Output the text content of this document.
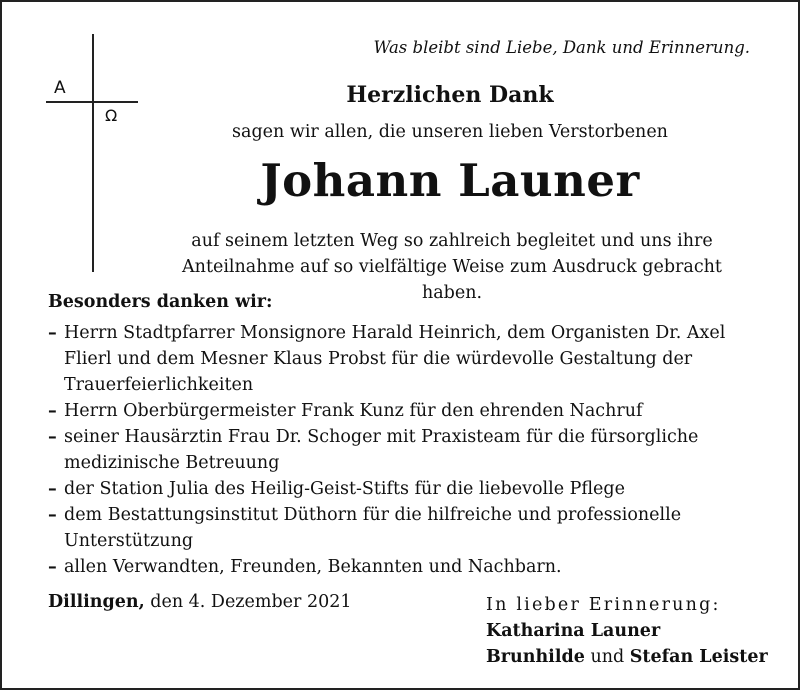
Was bleibt sind Liebe, Dank und Erinnerung.
A
Ω
Herzlichen Dank
sagen wir allen, die unseren lieben Verstorbenen
Johann Launer
auf seinem letzten Weg so zahlreich begleitet und uns ihre
Anteilnahme auf so vielfältige Weise zum Ausdruck gebracht haben.
Besonders danken wir:
– Herrn Stadtpfarrer Monsignore Harald Heinrich, dem Organisten Dr. Axel
Flierl und dem Mesner Klaus Probst für die würdevolle Gestaltung der
Trauerfeierlichkeiten
– Herrn Oberbürgermeister Frank Kunz für den ehrenden Nachruf
– seiner Hausärztin Frau Dr. Schoger mit Praxisteam für die fürsorgliche
medizinische Betreuung
– der Station Julia des Heilig-Geist-Stifts für die liebevolle Pflege
– dem Bestattungsinstitut Düthorn für die hilfreiche und professionelle
Unterstützung
– allen Verwandten, Freunden, Bekannten und Nachbarn.
Dillingen, den 4. Dezember 2021	In lieber Erinnerung:
Katharina Launer
Brunhilde und Stefan Leister
